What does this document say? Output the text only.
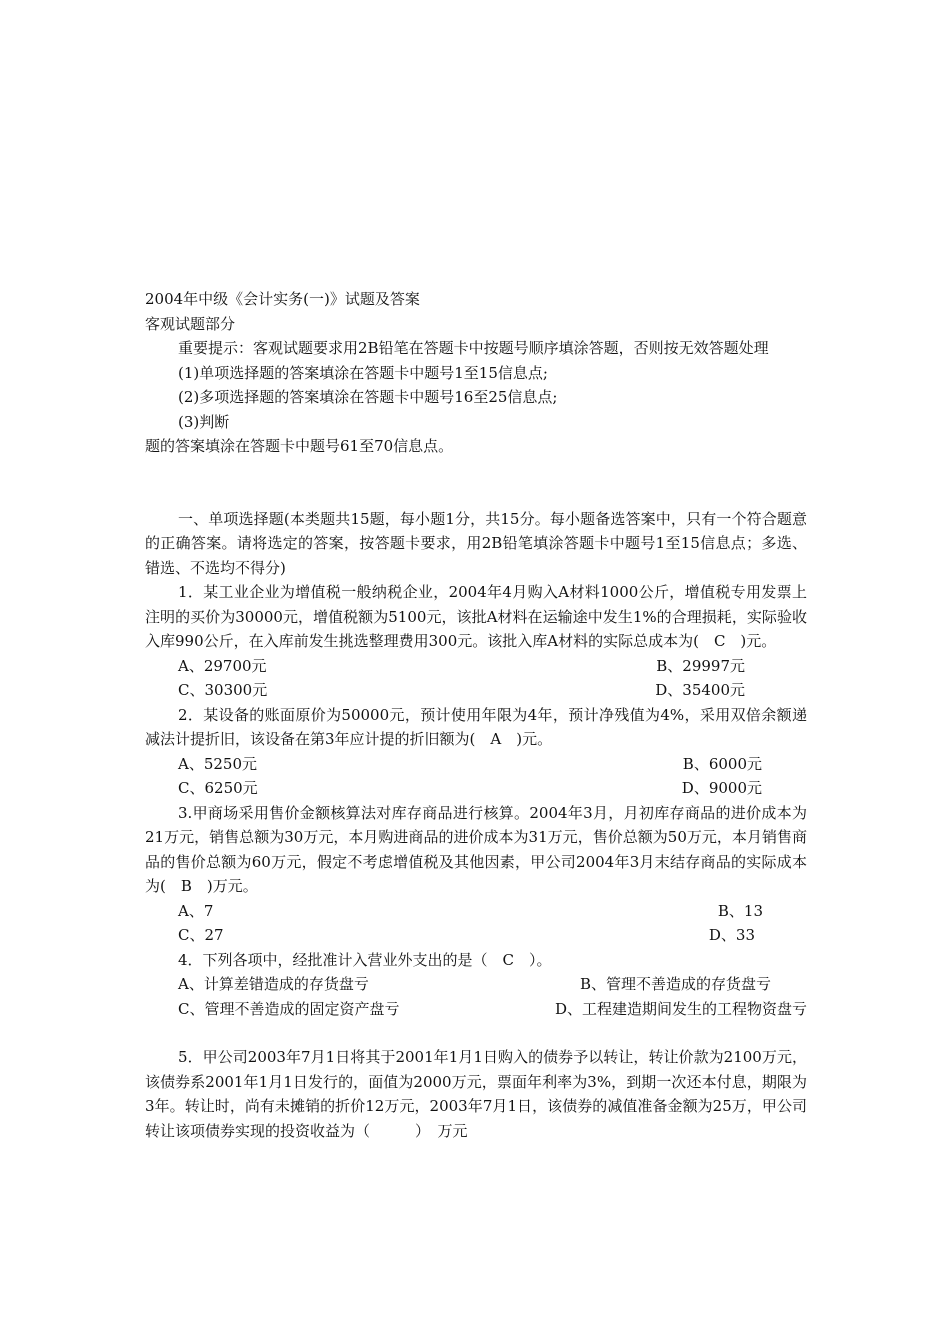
2004年中级《会计实务(一)》试题及答案
客观试题部分
重要提示：客观试题要求用2B铅笔在答题卡中按题号顺序填涂答题，否则按无效答题处理
(1)单项选择题的答案填涂在答题卡中题号1至15信息点;
(2)多项选择题的答案填涂在答题卡中题号16至25信息点;
(3)判断
题的答案填涂在答题卡中题号61至70信息点。
一、单项选择题(本类题共15题，每小题1分，共15分。每小题备选答案中，只有一个符合题意的正确答案。请将选定的答案，按答题卡要求，用2B铅笔填涂答题卡中题号1至15信息点；多选、错选、不选均不得分)
1．某工业企业为增值税一般纳税企业，2004年4月购入A材料1000公斤，增值税专用发票上注明的买价为30000元，增值税额为5100元，该批A材料在运输途中发生1%的合理损耗，实际验收入库990公斤，在入库前发生挑选整理费用300元。该批入库A材料的实际总成本为(　C　)元。
A、29700元	B、29997元
C、30300元	D、35400元
2．某设备的账面原价为50000元，预计使用年限为4年，预计净残值为4%，采用双倍余额递减法计提折旧，该设备在第3年应计提的折旧额为(　A　)元。
A、5250元	B、6000元
C、6250元	D、9000元
3.甲商场采用售价金额核算法对库存商品进行核算。2004年3月，月初库存商品的进价成本为21万元，销售总额为30万元，本月购进商品的进价成本为31万元，售价总额为50万元，本月销售商品的售价总额为60万元，假定不考虑增值税及其他因素，甲公司2004年3月末结存商品的实际成本为(　B　)万元。
A、7	B、13
C、27	D、33
4．下列各项中，经批准计入营业外支出的是（　C　）。
A、计算差错造成的存货盘亏	B、管理不善造成的存货盘亏
C、管理不善造成的固定资产盘亏	D、工程建造期间发生的工程物资盘亏
5．甲公司2003年7月1日将其于2001年1月1日购入的债券予以转让，转让价款为2100万元，该债券系2001年1月1日发行的，面值为2000万元，票面年利率为3%，到期一次还本付息，期限为3年。转让时，尚有未摊销的折价12万元，2003年7月1日，该债券的减值准备金额为25万，甲公司转让该项债券实现的投资收益为（　　　）　万元
